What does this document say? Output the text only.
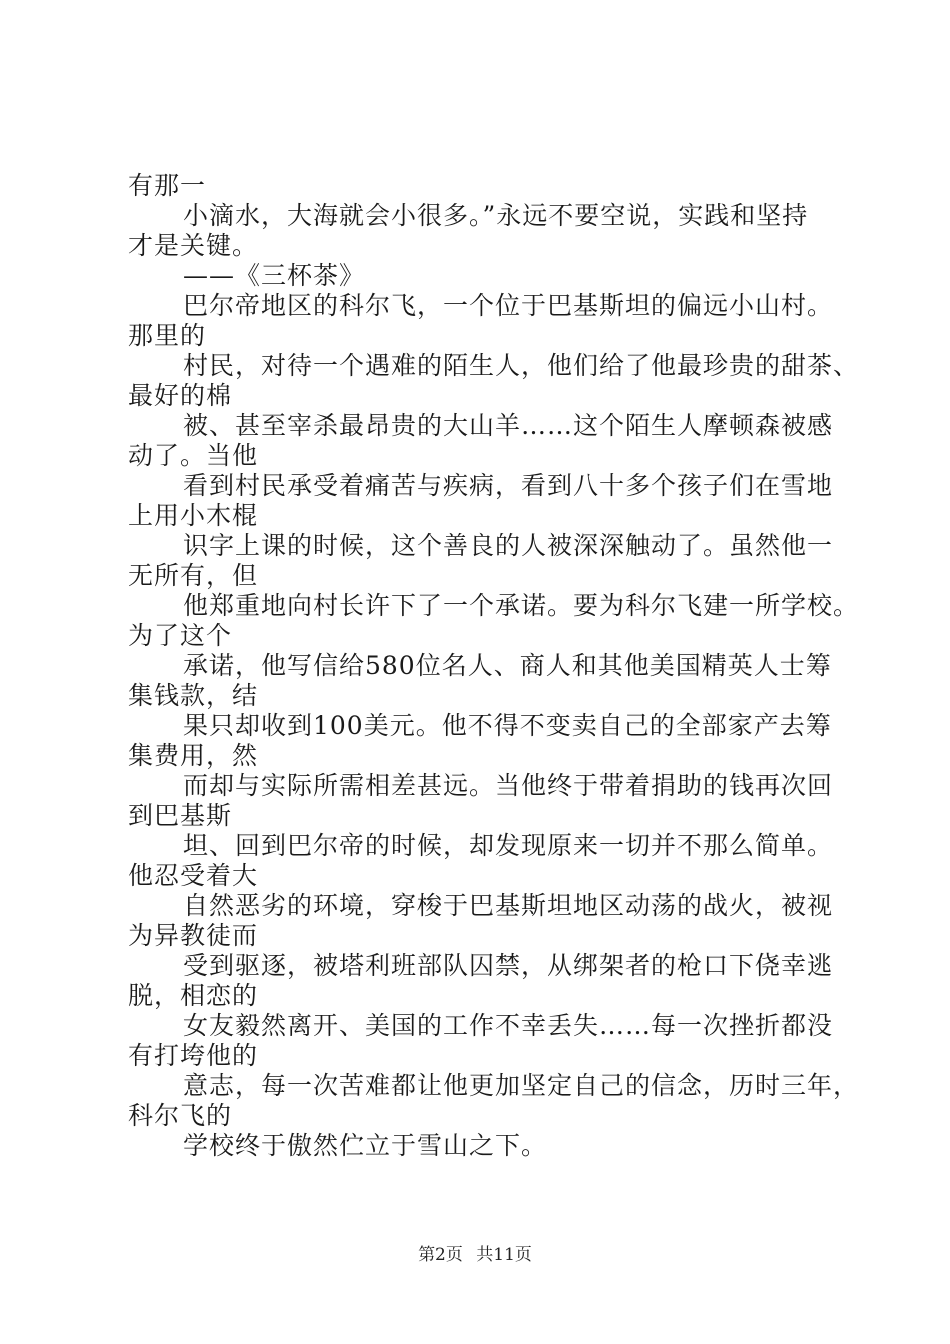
有那一
小滴水，大海就会小很多。”永远不要空说，实践和坚持
才是关键。
——《三杯茶》
巴尔帝地区的科尔飞，一个位于巴基斯坦的偏远小山村。
那里的
村民，对待一个遇难的陌生人，他们给了他最珍贵的甜茶、
最好的棉
被、甚至宰杀最昂贵的大山羊……这个陌生人摩顿森被感
动了。当他
看到村民承受着痛苦与疾病，看到八十多个孩子们在雪地
上用小木棍
识字上课的时候，这个善良的人被深深触动了。虽然他一
无所有，但
他郑重地向村长许下了一个承诺。要为科尔飞建一所学校。
为了这个
承诺，他写信给580位名人、商人和其他美国精英人士筹
集钱款，结
果只却收到100美元。他不得不变卖自己的全部家产去筹
集费用，然
而却与实际所需相差甚远。当他终于带着捐助的钱再次回
到巴基斯
坦、回到巴尔帝的时候，却发现原来一切并不那么简单。
他忍受着大
自然恶劣的环境，穿梭于巴基斯坦地区动荡的战火，被视
为异教徒而
受到驱逐，被塔利班部队囚禁，从绑架者的枪口下侥幸逃
脱，相恋的
女友毅然离开、美国的工作不幸丢失……每一次挫折都没
有打垮他的
意志，每一次苦难都让他更加坚定自己的信念，历时三年，
科尔飞的
学校终于傲然伫立于雪山之下。
第2页 共11页
